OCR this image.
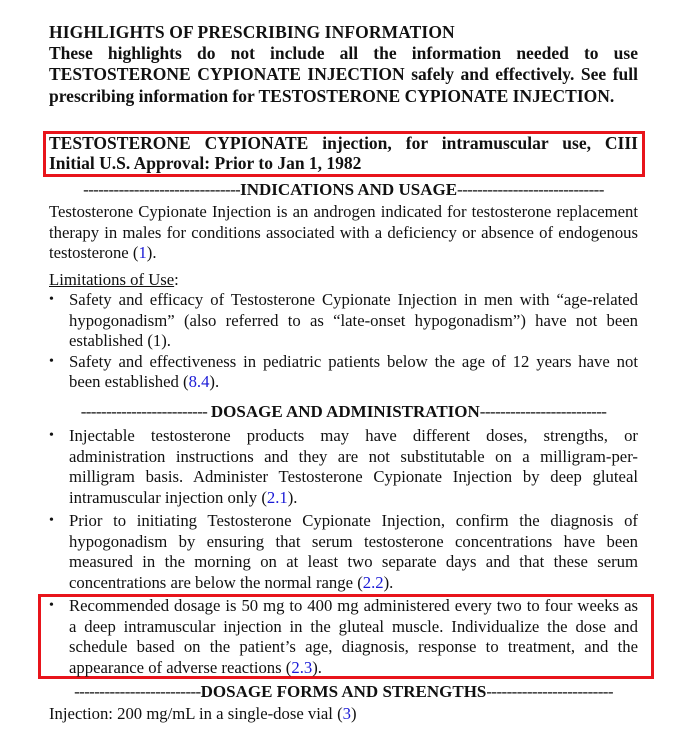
HIGHLIGHTS OF PRESCRIBING INFORMATION

These highlights do not include all the information needed to use TESTOSTERONE CYPIONATE INJECTION safely and effectively. See full prescribing information for TESTOSTERONE CYPIONATE INJECTION.

TESTOSTERONE CYPIONATE injection, for intramuscular use, CIII
Initial U.S. Approval: Prior to Jan 1, 1982
-------------------------------INDICATIONS AND USAGE-----------------------------

Testosterone Cypionate Injection is an androgen indicated for testosterone replacement therapy in males for conditions associated with a deficiency or absence of endogenous testosterone (1).

Limitations of Use:
• Safety and efficacy of Testosterone Cypionate Injection in men with “age-related hypogonadism” (also referred to as “late-onset hypogonadism”) have not been established (1).
• Safety and effectiveness in pediatric patients below the age of 12 years have not been established (8.4).
------------------------- DOSAGE AND ADMINISTRATION-------------------------
• Injectable testosterone products may have different doses, strengths, or administration instructions and they are not substitutable on a milligram-per-milligram basis. Administer Testosterone Cypionate Injection by deep gluteal intramuscular injection only (2.1).
• Prior to initiating Testosterone Cypionate Injection, confirm the diagnosis of hypogonadism by ensuring that serum testosterone concentrations have been measured in the morning on at least two separate days and that these serum concentrations are below the normal range (2.2).
• Recommended dosage is 50 mg to 400 mg administered every two to four weeks as a deep intramuscular injection in the gluteal muscle. Individualize the dose and schedule based on the patient’s age, diagnosis, response to treatment, and the appearance of adverse reactions (2.3).
-------------------------DOSAGE FORMS AND STRENGTHS-------------------------

Injection: 200 mg/mL in a single-dose vial (3)
